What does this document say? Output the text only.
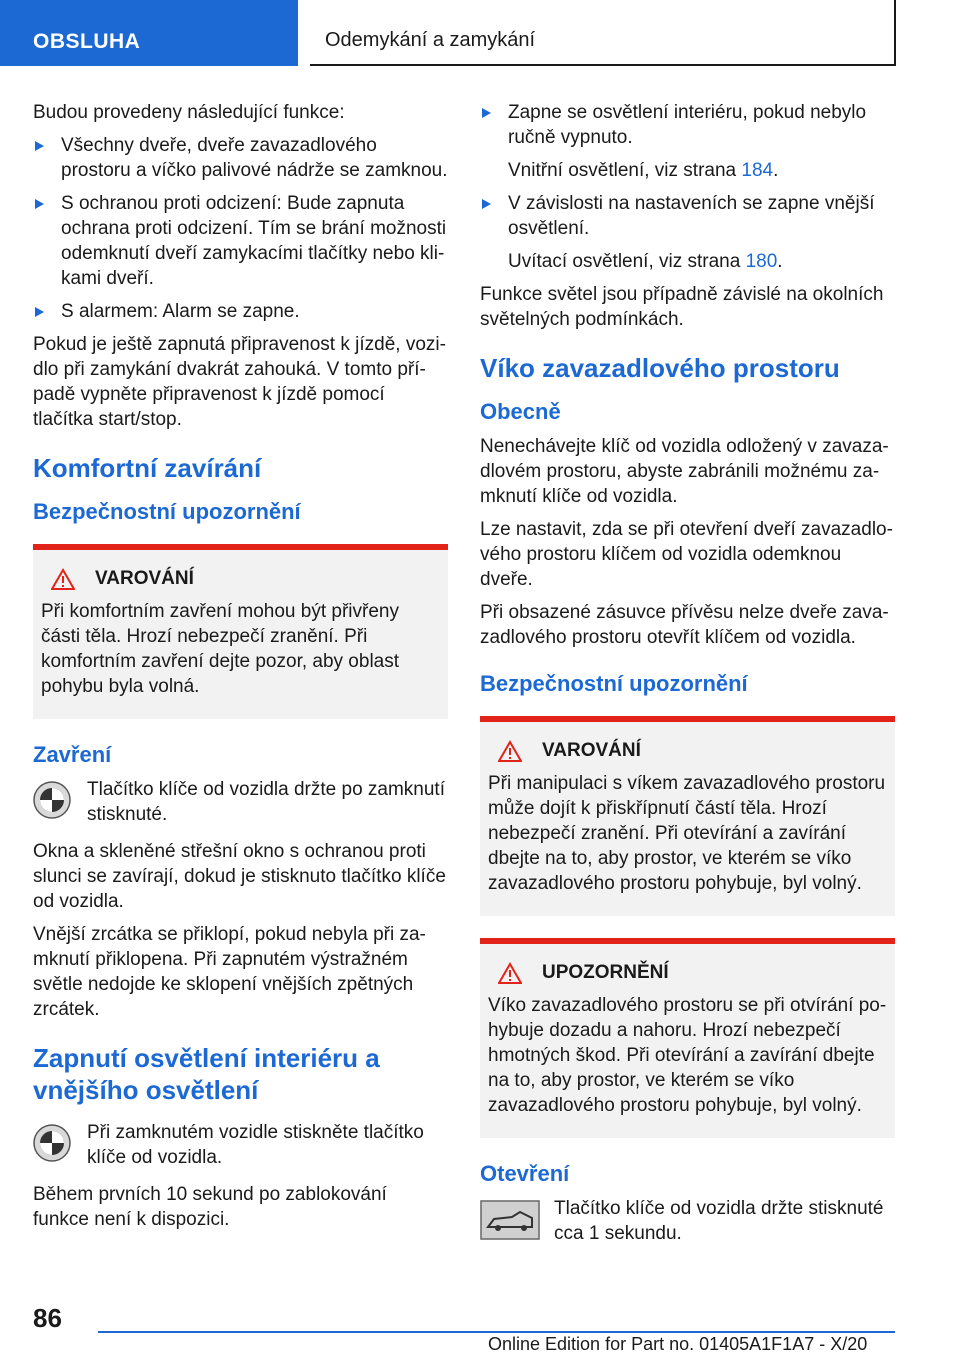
OBSLUHA	Odemykání a zamykání

Budou provedeny následující funkce:

Všechny dveře, dveře zavazadlového prostoru a víčko palivové nádrže se zamknou.
S ochranou proti odcizení: Bude zapnuta ochrana proti odcizení. Tím se brání možnosti odemknutí dveří zamykacími tlačítky nebo klikami dveří.
S alarmem: Alarm se zapne.

Pokud je ještě zapnutá připravenost k jízdě, vozidlo při zamykání dvakrát zahouká. V tomto případě vypněte připravenost k jízdě pomocí tlačítka start/stop.

Komfortní zavírání
Bezpečnostní upozornění
VAROVÁNÍ
Při komfortním zavření mohou být přivřeny části těla. Hrozí nebezpečí zranění. Při komfortním zavření dejte pozor, aby oblast pohybu byla volná.
Zavření
Tlačítko klíče od vozidla držte po zamknutí stisknuté.

Okna a skleněné střešní okno s ochranou proti slunci se zavírají, dokud je stisknuto tlačítko klíče od vozidla.

Vnější zrcátka se přiklopí, pokud nebyla při zamknutí přiklopena. Při zapnutém výstražném světle nedojde ke sklopení vnějších zpětných zrcátek.

Zapnutí osvětlení interiéru a vnějšího osvětlení
Při zamknutém vozidle stiskněte tlačítko klíče od vozidla.

Během prvních 10 sekund po zablokování funkce není k dispozici.

Zapne se osvětlení interiéru, pokud nebylo ručně vypnuto.
Vnitřní osvětlení, viz strana 184.
V závislosti na nastaveních se zapne vnější osvětlení.
Uvítací osvětlení, viz strana 180.

Funkce světel jsou případně závislé na okolních světelných podmínkách.

Víko zavazadlového prostoru
Obecně

Nenechávejte klíč od vozidla odložený v zavazadlovém prostoru, abyste zabránili možnému zamknutí klíče od vozidla.

Lze nastavit, zda se při otevření dveří zavazadlového prostoru klíčem od vozidla odemknou dveře.

Při obsazené zásuvce přívěsu nelze dveře zavazadlového prostoru otevřít klíčem od vozidla.

Bezpečnostní upozornění
VAROVÁNÍ
Při manipulaci s víkem zavazadlového prostoru může dojít k přiskřípnutí částí těla. Hrozí nebezpečí zranění. Při otevírání a zavírání dbejte na to, aby prostor, ve kterém se víko zavazadlového prostoru pohybuje, byl volný.
UPOZORNĚNÍ
Víko zavazadlového prostoru se při otvírání pohybuje dozadu a nahoru. Hrozí nebezpečí hmotných škod. Při otevírání a zavírání dbejte na to, aby prostor, ve kterém se víko zavazadlového prostoru pohybuje, byl volný.
Otevření
Tlačítko klíče od vozidla držte stisknuté cca 1 sekundu.
86
Online Edition for Part no. 01405A1F1A7 - X/20
